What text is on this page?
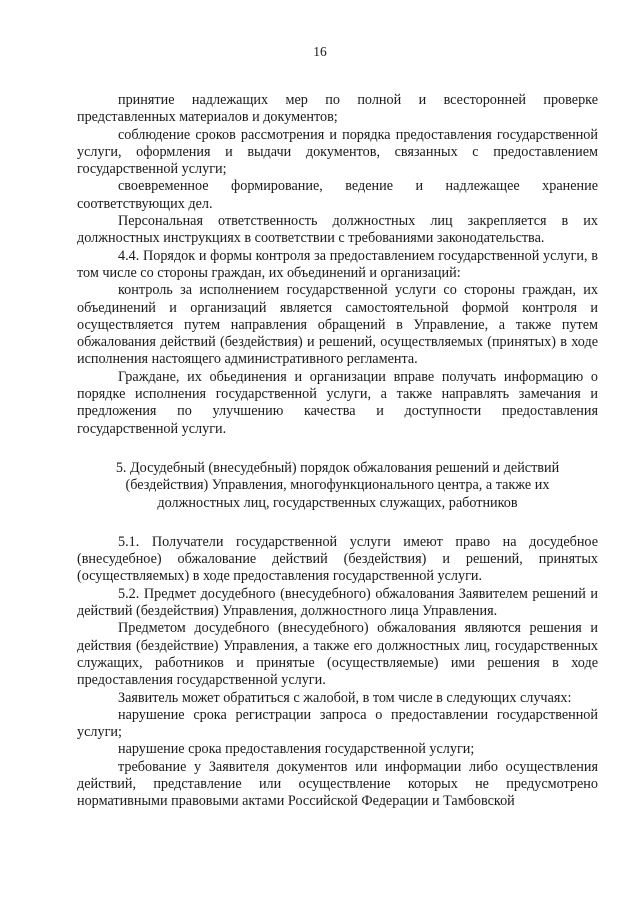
16

принятие надлежащих мер по полной и всесторонней проверке представленных материалов и документов;

соблюдение сроков рассмотрения и порядка предоставления государственной услуги, оформления и выдачи документов, связанных с предоставлением государственной услуги;

своевременное формирование, ведение и надлежащее хранение соответствующих дел.

Персональная ответственность должностных лиц закрепляется в их должностных инструкциях в соответствии с требованиями законодательства.

4.4. Порядок и формы контроля за предоставлением государственной услуги, в том числе со стороны граждан, их объединений и организаций:

контроль за исполнением государственной услуги со стороны граждан, их объединений и организаций является самостоятельной формой контроля и осуществляется путем направления обращений в Управление, а также путем обжалования действий (бездействия) и решений, осуществляемых (принятых) в ходе исполнения настоящего административного регламента.

Граждане, их обьединения и организации вправе получать информацию о порядке исполнения государственной услуги, а также направлять замечания и предложения по улучшению качества и доступности предоставления государственной услуги.

5. Досудебный (внесудебный) порядок обжалования решений и действий
(бездействия) Управления, многофункционального центра, а также их
должностных лиц, государственных служащих, работников

5.1. Получатели государственной услуги имеют право на досудебное (внесудебное) обжалование действий (бездействия) и решений, принятых (осуществляемых) в ходе предоставления государственной услуги.

5.2. Предмет досудебного (внесудебного) обжалования Заявителем решений и действий (бездействия) Управления, должностного лица Управления.

Предметом досудебного (внесудебного) обжалования являются решения и действия (бездействие) Управления, а также его должностных лиц, государственных служащих, работников и принятые (осуществляемые) ими решения в ходе предоставления государственной услуги.

Заявитель может обратиться с жалобой, в том числе в следующих случаях:

нарушение срока регистрации запроса о предоставлении государственной услуги;

нарушение срока предоставления государственной услуги;

требование у Заявителя документов или информации либо осуществления действий, представление или осуществление которых не предусмотрено нормативными правовыми актами Российской Федерации и Тамбовской
